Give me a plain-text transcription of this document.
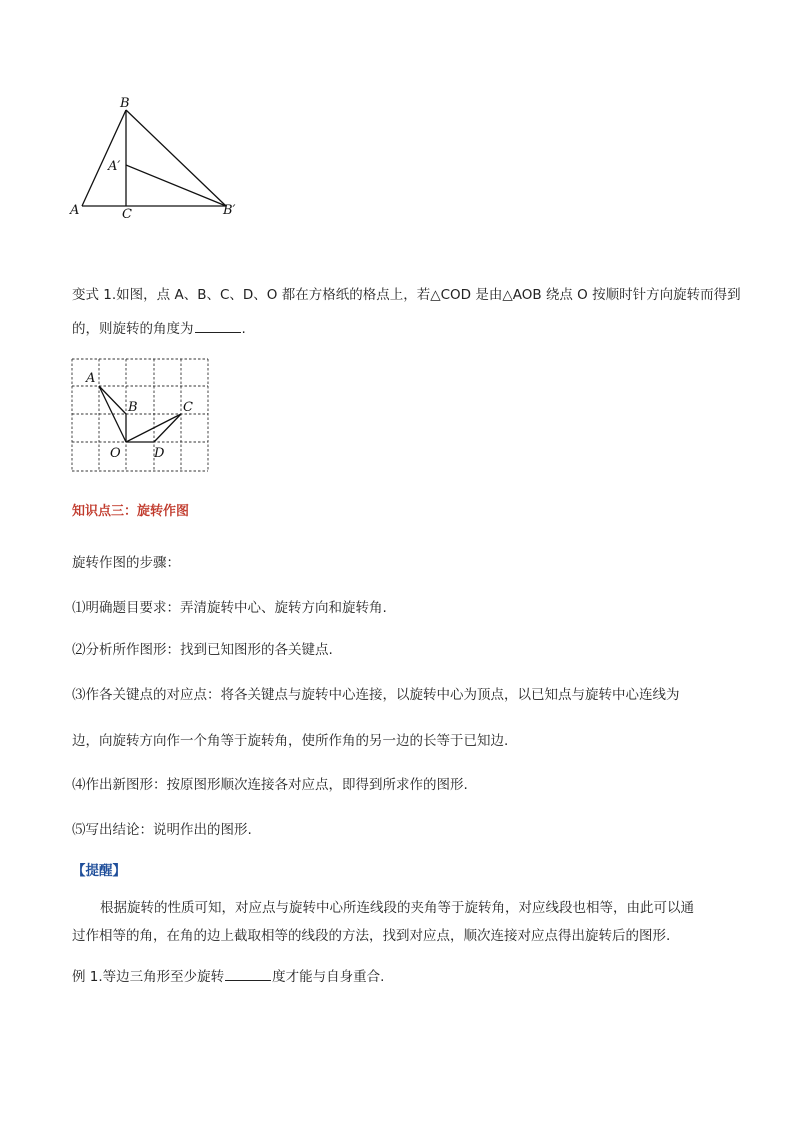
B
A′
A	C	B′
变式 1.如图，点 A、B、C、D、O 都在方格纸的格点上，若△COD 是由△AOB 绕点 O 按顺时针方向旋转而得到
的，则旋转的角度为	.
A
B	C
O	D
知识点三：旋转作图
旋转作图的步骤：
⑴明确题目要求：弄清旋转中心、旋转方向和旋转角.
⑵分析所作图形：找到已知图形的各关键点.
⑶作各关键点的对应点：将各关键点与旋转中心连接，以旋转中心为顶点，以已知点与旋转中心连线为
边，向旋转方向作一个角等于旋转角，使所作角的另一边的长等于已知边.
⑷作出新图形：按原图形顺次连接各对应点，即得到所求作的图形.
⑸写出结论：说明作出的图形.
【提醒】
根据旋转的性质可知，对应点与旋转中心所连线段的夹角等于旋转角，对应线段也相等，由此可以通
过作相等的角，在角的边上截取相等的线段的方法，找到对应点，顺次连接对应点得出旋转后的图形.
例 1.等边三角形至少旋转	度才能与自身重合.
